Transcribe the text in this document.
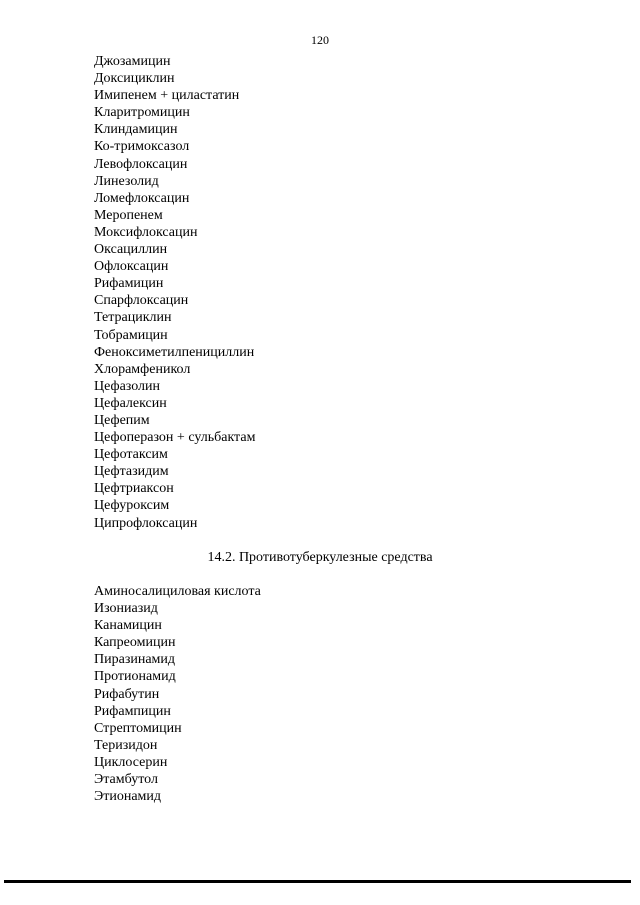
120
Джозамицин
Доксициклин
Имипенем + циластатин
Кларитромицин
Клиндамицин
Ко-тримоксазол
Левофлоксацин
Линезолид
Ломефлоксацин
Меропенем
Моксифлоксацин
Оксациллин
Офлоксацин
Рифамицин
Спарфлоксацин
Тетрациклин
Тобрамицин
Феноксиметилпенициллин
Хлорамфеникол
Цефазолин
Цефалексин
Цефепим
Цефоперазон + сульбактам
Цефотаксим
Цефтазидим
Цефтриаксон
Цефуроксим
Ципрофлоксацин
14.2. Противотуберкулезные средства
Аминосалициловая кислота
Изониазид
Канамицин
Капреомицин
Пиразинамид
Протионамид
Рифабутин
Рифампицин
Стрептомицин
Теризидон
Циклосерин
Этамбутол
Этионамид
